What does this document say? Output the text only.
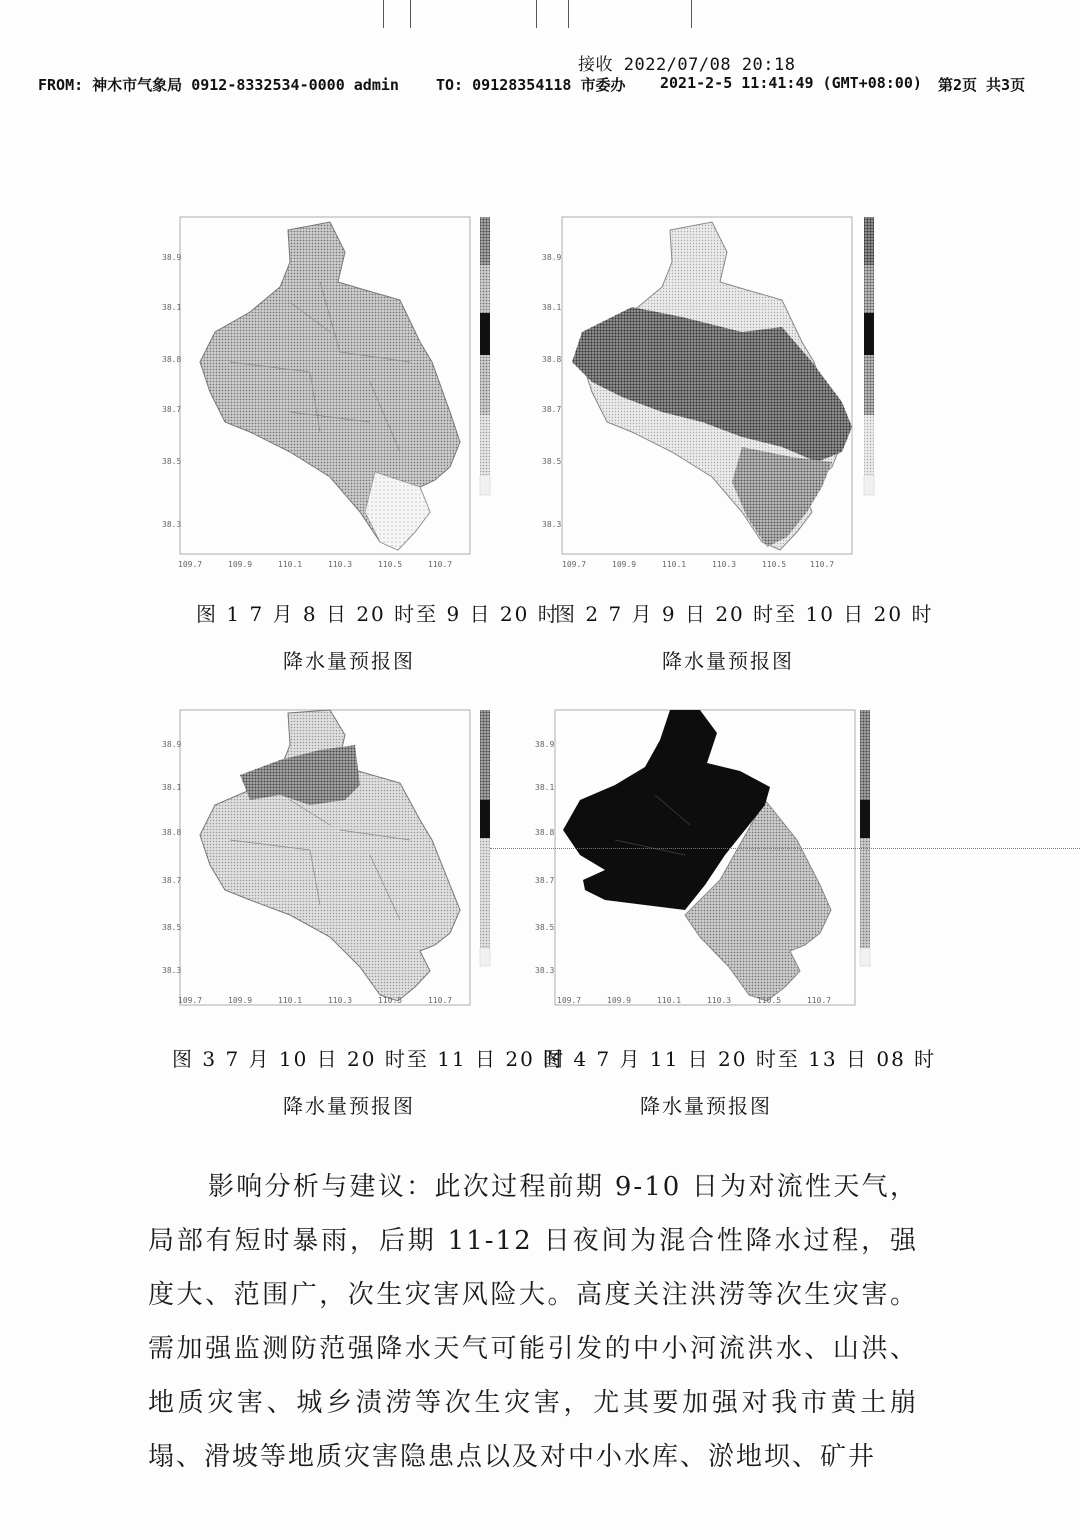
接收 2022/07/08 20:18
FROM: 神木市气象局 0912-8332534-0000 admin TO: 09128354118 市委办 2021-2-5 11:41:49 (GMT+08:00) 第2页 共3页
38.9
38.1
38.8
38.7
38.5
38.3
109.7	109.9	110.1	110.3	110.5	110.7
38.9
38.1
38.8
38.7
38.5
38.3
109.7	109.9	110.1	110.3	110.5	110.7
图 1 7 月 8 日 20 时至 9 日 20 时
降水量预报图
图 2 7 月 9 日 20 时至 10 日 20 时
降水量预报图
38.9
38.1
38.8
38.7
38.5
38.3
109.7	109.9	110.1	110.3	110.5	110.7
38.9
38.1
38.8
38.7
38.5
38.3
109.7	109.9	110.1	110.3	110.5	110.7
图 3 7 月 10 日 20 时至 11 日 20 时
降水量预报图
图 4 7 月 11 日 20 时至 13 日 08 时
降水量预报图
影响分析与建议：此次过程前期 9-10 日为对流性天气，局部有短时暴雨，后期 11-12 日夜间为混合性降水过程，强度大、范围广，次生灾害风险大。高度关注洪涝等次生灾害。需加强监测防范强降水天气可能引发的中小河流洪水、山洪、地质灾害、城乡渍涝等次生灾害，尤其要加强对我市黄土崩塌、滑坡等地质灾害隐患点以及对中小水库、淤地坝、矿井
